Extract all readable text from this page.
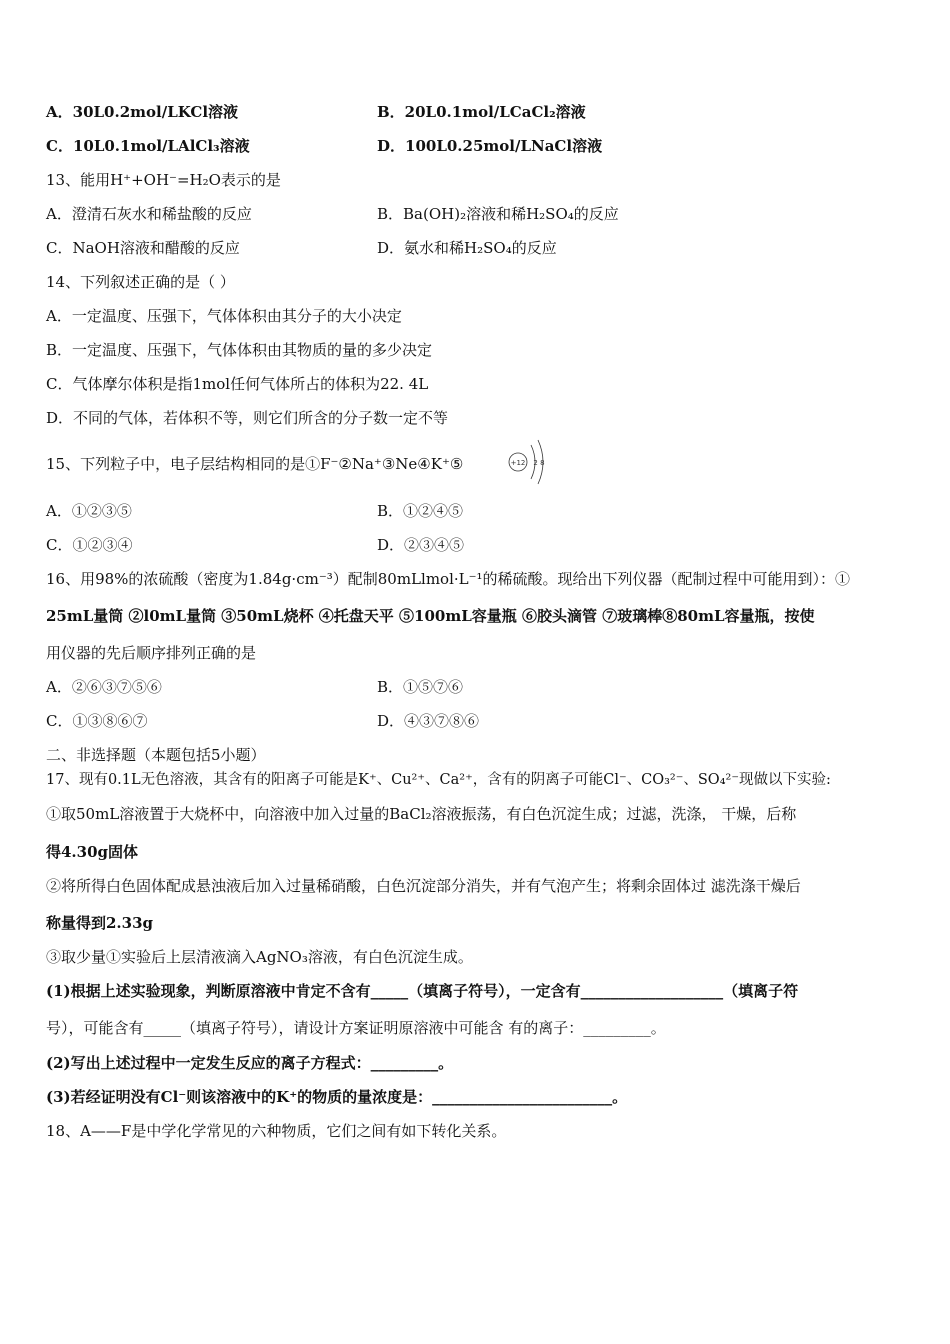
A．30L0.2mol/LKCl溶液	B．20L0.1mol/LCaCl₂溶液
C．10L0.1mol/LAlCl₃溶液	D．100L0.25mol/LNaCl溶液
13、能用H⁺+OH⁻=H₂O表示的是
A．澄清石灰水和稀盐酸的反应	B．Ba(OH)₂溶液和稀H₂SO₄的反应
C．NaOH溶液和醋酸的反应	D．氨水和稀H₂SO₄的反应
14、下列叙述正确的是（ ）
A．一定温度、压强下，气体体积由其分子的大小决定
B．一定温度、压强下，气体体积由其物质的量的多少决定
C．气体摩尔体积是指1mol任何气体所占的体积为22. 4L
D．不同的气体，若体积不等，则它们所含的分子数一定不等
15、下列粒子中，电子层结构相同的是①F⁻②Na⁺③Ne④K⁺⑤	+12 2 8
A．①②③⑤	B．①②④⑤
C．①②③④	D．②③④⑤
16、用98%的浓硫酸（密度为1.84g·cm⁻³）配制80mLlmol·L⁻¹的稀硫酸。现给出下列仪器（配制过程中可能用到）：①
25mL量筒 ②l0mL量筒 ③50mL烧杯 ④托盘天平 ⑤100mL容量瓶 ⑥胶头滴管 ⑦玻璃棒⑧80mL容量瓶，按使
用仪器的先后顺序排列正确的是
A．②⑥③⑦⑤⑥	B．①⑤⑦⑥
C．①③⑧⑥⑦	D．④③⑦⑧⑥
二、非选择题（本题包括5小题）
17、现有0.1L无色溶液，其含有的阳离子可能是K⁺、Cu²⁺、Ca²⁺，含有的阴离子可能Cl⁻、CO₃²⁻、SO₄²⁻现做以下实验:
①取50mL溶液置于大烧杯中，向溶液中加入过量的BaCl₂溶液振荡，有白色沉淀生成；过滤，洗涤， 干燥，后称
得4.30g固体
②将所得白色固体配成悬浊液后加入过量稀硝酸，白色沉淀部分消失，并有气泡产生；将剩余固体过 滤洗涤干燥后
称量得到2.33g
③取少量①实验后上层清液滴入AgNO₃溶液，有白色沉淀生成。
(1)根据上述实验现象，判断原溶液中肯定不含有_____（填离子符号），一定含有___________________（填离子符
号），可能含有_____（填离子符号），请设计方案证明原溶液中可能含 有的离子：_________。
(2)写出上述过程中一定发生反应的离子方程式：_________。
(3)若经证明没有Cl⁻则该溶液中的K⁺的物质的量浓度是：________________________。
18、A——F是中学化学常见的六种物质，它们之间有如下转化关系。
